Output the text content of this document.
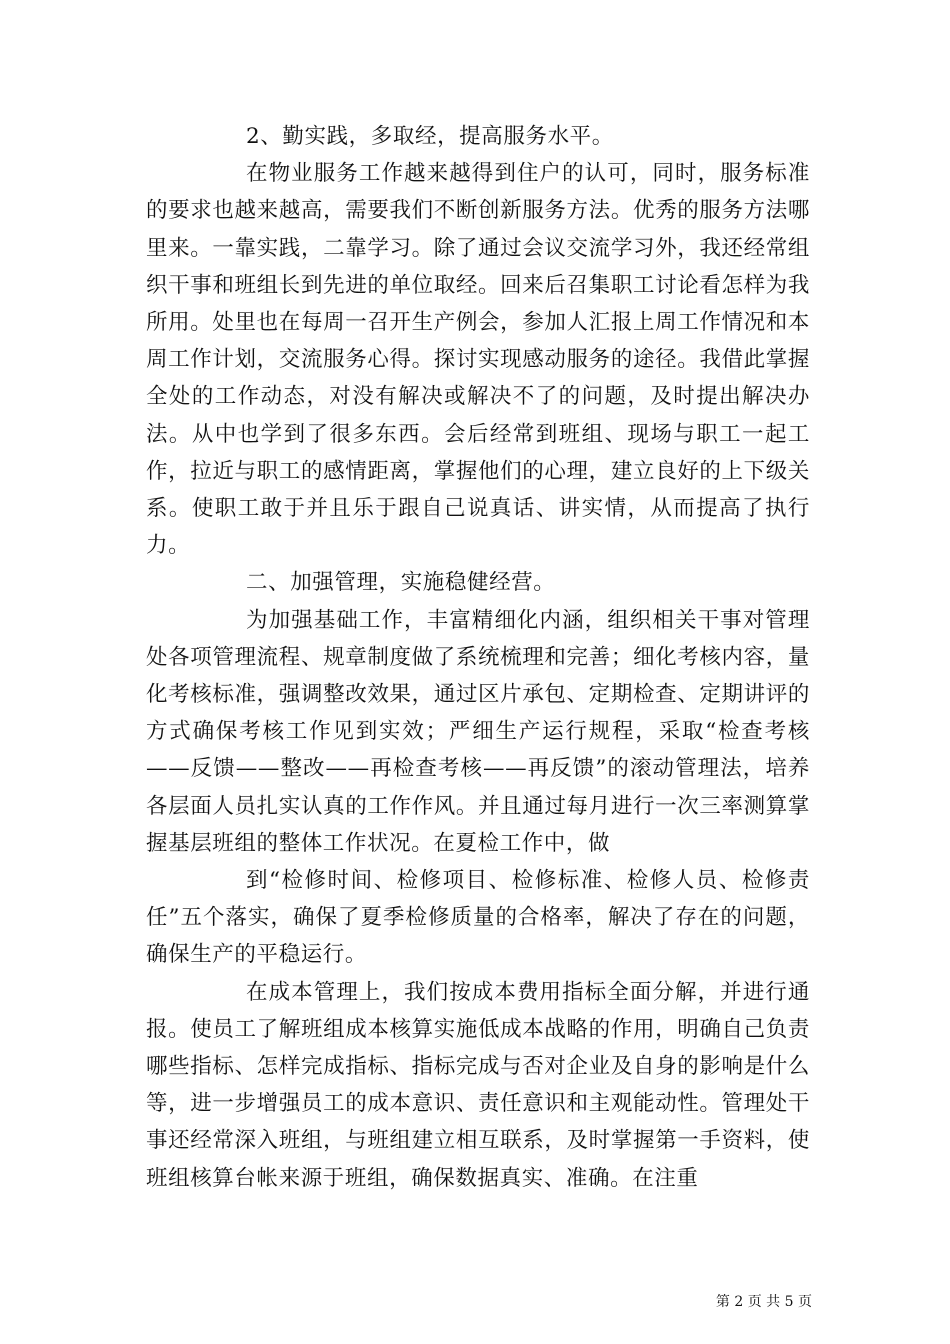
2、勤实践，多取经，提高服务水平。

在物业服务工作越来越得到住户的认可，同时，服务标准的要求也越来越高，需要我们不断创新服务方法。优秀的服务方法哪里来。一靠实践，二靠学习。除了通过会议交流学习外，我还经常组织干事和班组长到先进的单位取经。回来后召集职工讨论看怎样为我所用。处里也在每周一召开生产例会，参加人汇报上周工作情况和本周工作计划，交流服务心得。探讨实现感动服务的途径。我借此掌握全处的工作动态，对没有解决或解决不了的问题，及时提出解决办法。从中也学到了很多东西。会后经常到班组、现场与职工一起工作，拉近与职工的感情距离，掌握他们的心理，建立良好的上下级关系。使职工敢于并且乐于跟自己说真话、讲实情，从而提高了执行力。

二、加强管理，实施稳健经营。

为加强基础工作，丰富精细化内涵，组织相关干事对管理处各项管理流程、规章制度做了系统梳理和完善；细化考核内容，量化考核标准，强调整改效果，通过区片承包、定期检查、定期讲评的方式确保考核工作见到实效；严细生产运行规程，采取“检查考核——反馈——整改——再检查考核——再反馈”的滚动管理法，培养各层面人员扎实认真的工作作风。并且通过每月进行一次三率测算掌握基层班组的整体工作状况。在夏检工作中，做

到“检修时间、检修项目、检修标准、检修人员、检修责任”五个落实，确保了夏季检修质量的合格率，解决了存在的问题，确保生产的平稳运行。

在成本管理上，我们按成本费用指标全面分解，并进行通报。使员工了解班组成本核算实施低成本战略的作用，明确自己负责哪些指标、怎样完成指标、指标完成与否对企业及自身的影响是什么等，进一步增强员工的成本意识、责任意识和主观能动性。管理处干事还经常深入班组，与班组建立相互联系，及时掌握第一手资料，使班组核算台帐来源于班组，确保数据真实、准确。在注重

第 2 页 共 5 页
